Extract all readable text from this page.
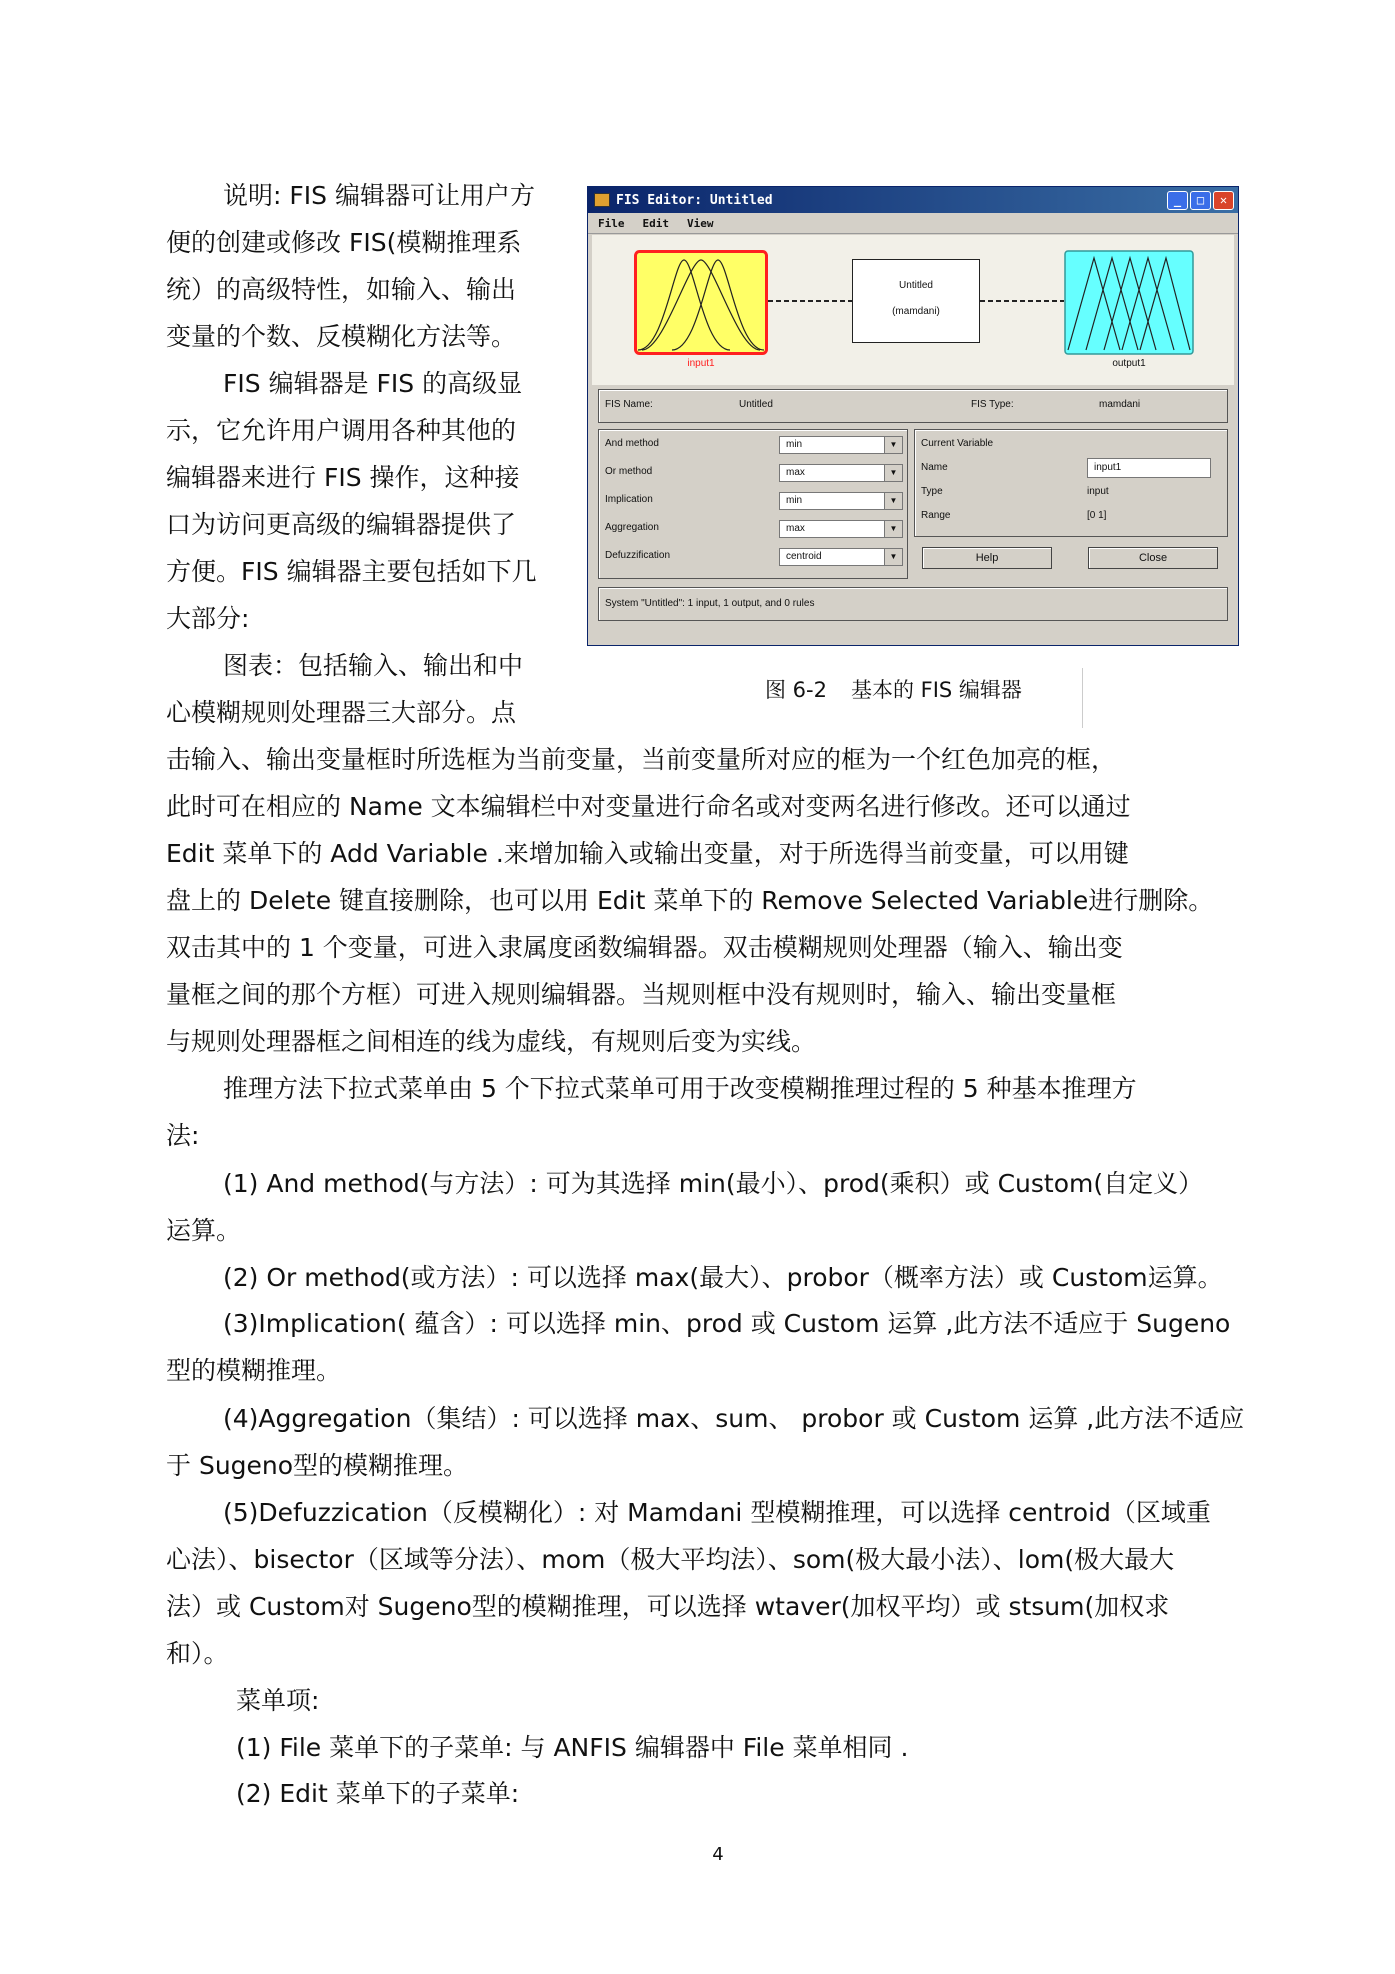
说明: FIS 编辑器可让用户方

便的创建或修改 FIS(模糊推理系

统）的高级特性，如输入、输出

变量的个数、反模糊化方法等。

FIS 编辑器是 FIS 的高级显

示，它允许用户调用各种其他的

编辑器来进行 FIS 操作，这种接

口为访问更高级的编辑器提供了

方便。FIS 编辑器主要包括如下几

大部分:

图表：包括输入、输出和中

心模糊规则处理器三大部分。点

击输入、输出变量框时所选框为当前变量，当前变量所对应的框为一个红色加亮的框，

此时可在相应的 Name 文本编辑栏中对变量进行命名或对变两名进行修改。还可以通过

Edit 菜单下的 Add Variable .来增加输入或输出变量，对于所选得当前变量，可以用键

盘上的 Delete 键直接删除，也可以用 Edit 菜单下的 Remove Selected Variable进行删除。

双击其中的 1 个变量，可进入隶属度函数编辑器。双击模糊规则处理器（输入、输出变

量框之间的那个方框）可进入规则编辑器。当规则框中没有规则时，输入、输出变量框

与规则处理器框之间相连的线为虚线，有规则后变为实线。

推理方法下拉式菜单由 5 个下拉式菜单可用于改变模糊推理过程的 5 种基本推理方

法:

(1) And method(与方法）: 可为其选择 min(最小）、prod(乘积）或 Custom(自定义）

运算。

(2) Or method(或方法）: 可以选择 max(最大）、probor（概率方法）或 Custom运算。

(3)Implication( 蕴含）: 可以选择 min、prod 或 Custom 运算 ,此方法不适应于 Sugeno

型的模糊推理。

(4)Aggregation（集结）: 可以选择 max、sum、 probor 或 Custom 运算 ,此方法不适应

于 Sugeno型的模糊推理。

(5)Defuzzication（反模糊化）: 对 Mamdani 型模糊推理，可以选择 centroid（区域重

心法）、bisector（区域等分法）、mom（极大平均法）、som(极大最小法）、lom(极大最大

法）或 Custom对 Sugeno型的模糊推理，可以选择 wtaver(加权平均）或 stsum(加权求

和）。

菜单项:

(1) File 菜单下的子菜单: 与 ANFIS 编辑器中 File 菜单相同 .

(2) Edit 菜单下的子菜单:

4
FIS Editor: Untitled	_	□	✕
File Edit View
input1
Untitled
(mamdani)
output1
FIS Name:	Untitled	FIS Type:	mamdani
And method	min	▼
Or method	max	▼
Implication	min	▼
Aggregation	max	▼
Defuzzification	centroid	▼
Current Variable
Name	input1
Type	input
Range	[0 1]
Help	Close
System "Untitled": 1 input, 1 output, and 0 rules
图 6-2 基本的 FIS 编辑器
